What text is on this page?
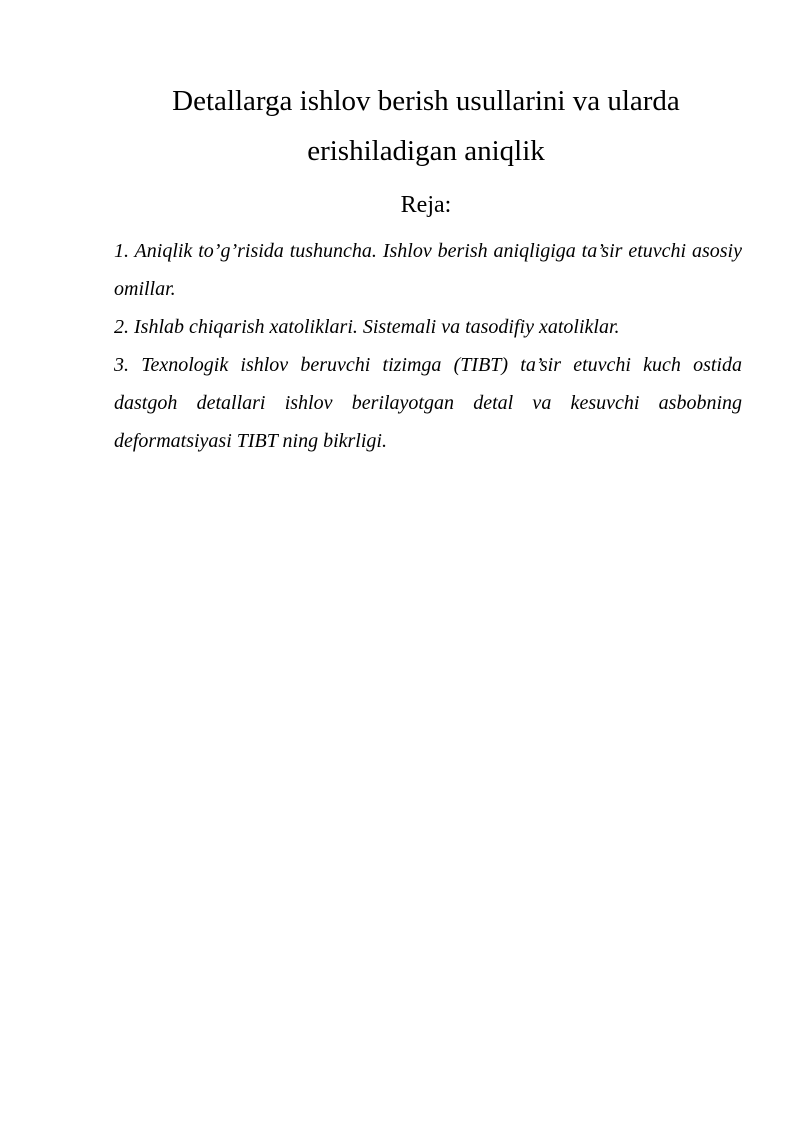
Detallarga ishlov berish usullarini va ularda
erishiladigan aniqlik

Reja:

1. Aniqlik to’g’risida tushuncha. Ishlov berish aniqligiga ta’sir etuvchi asosiy omillar.
2. Ishlab chiqarish xatoliklari. Sistemali va tasodifiy xatoliklar.
3. Texnologik ishlov beruvchi tizimga (TIBT) ta’sir etuvchi kuch ostida dastgoh detallari ishlov berilayotgan detal va kesuvchi asbobning deformatsiyasi TIBT ning bikrligi.
